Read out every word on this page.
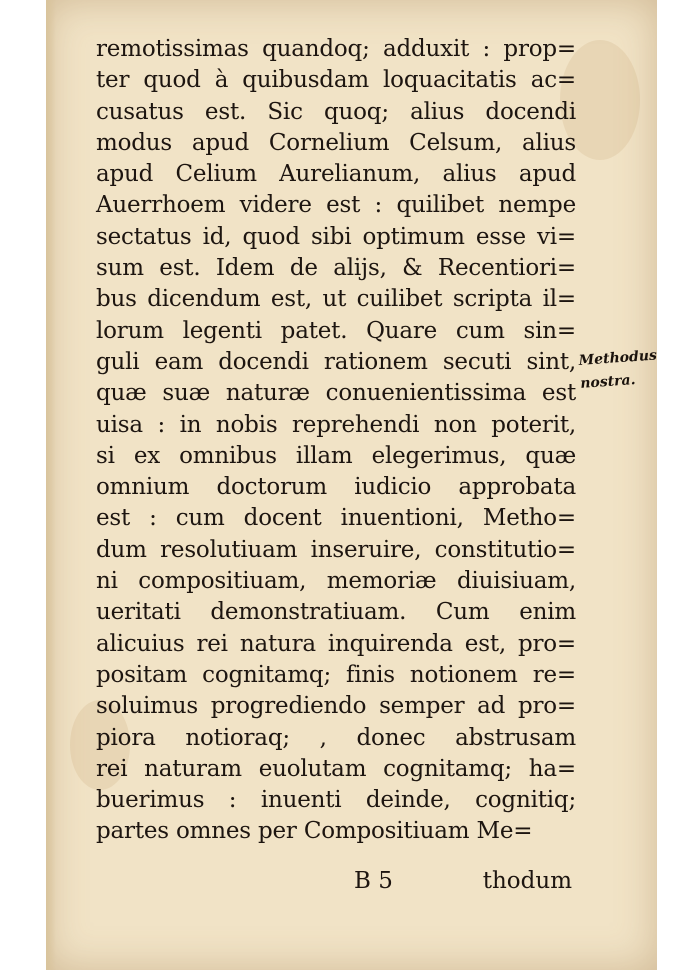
remotissimas quandoq; adduxit : prop=
ter quod à quibusdam loquacitatis ac=
cusatus est. Sic quoq; alius docendi
modus apud Cornelium Celsum, alius
apud Celium Aurelianum, alius apud
Auerrhoem videre est : quilibet nempe
sectatus id, quod sibi optimum esse vi=
sum est. Idem de alijs, & Recentiori=
bus dicendum est, ut cuilibet scripta il=
lorum legenti patet. Quare cum sin=
guli eam docendi rationem secuti sint,
quæ suæ naturæ conuenientissima est
uisa : in nobis reprehendi non poterit,
si ex omnibus illam elegerimus, quæ
omnium doctorum iudicio approbata
est : cum docent inuentioni, Metho=
dum resolutiuam inseruire, constitutio=
ni compositiuam, memoriæ diuisiuam,
ueritati demonstratiuam. Cum enim
alicuius rei natura inquirenda est, pro=
positam cognitamq; finis notionem re=
soluimus progrediendo semper ad pro=
piora notioraq; , donec abstrusam
rei naturam euolutam cognitamq; ha=
buerimus : inuenti deinde, cognitiq;
partes omnes per Compositiuam Me=
Methodus
nostra.
B 5	thodum
